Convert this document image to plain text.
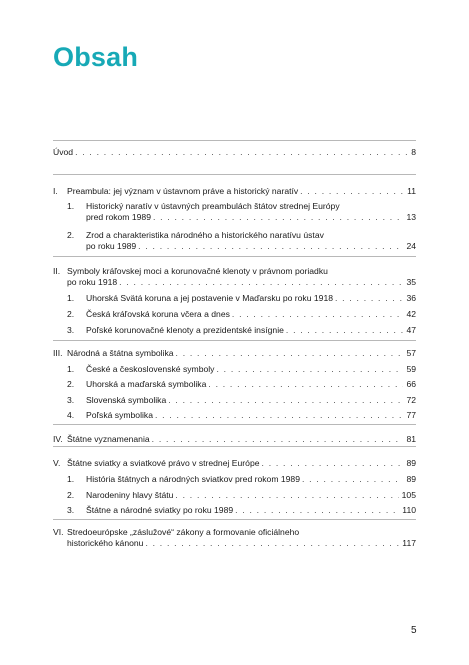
Obsah
Úvod . . .	8
I. Preambula: jej význam v ústavnom práve a historický naratív . . .	11
1.	Historický naratív v ústavných preambulách štátov strednej Európy
pred rokom 1989 . . .	13
2.	Zrod a charakteristika národného a historického naratívu ústav
po roku 1989 . . .	24
II. Symboly kráľovskej moci a korunovačné klenoty v právnom poriadku
po roku 1918 . . .	35
1. Uhorská Svätá koruna a jej postavenie v Maďarsku po roku 1918 . . .	36
2. Česká kráľovská koruna včera a dnes . . .	42
3. Poľské korunovačné klenoty a prezidentské insígnie . . .	47
III. Národná a štátna symbolika . . .	57
1. České a československé symboly . . .	59
2. Uhorská a maďarská symbolika . . .	66
3. Slovenská symbolika . . .	72
4. Poľská symbolika . . .	77
IV. Štátne vyznamenania . . .	81
V. Štátne sviatky a sviatkové právo v strednej Európe . . .	89
1. História štátnych a národných sviatkov pred rokom 1989 . . .	89
2. Narodeniny hlavy štátu . . .	105
3. Štátne a národné sviatky po roku 1989 . . .	110
VI. Stredoeurópske „záslužové“ zákony a formovanie oficiálneho
historického kánonu . . .	117
5
